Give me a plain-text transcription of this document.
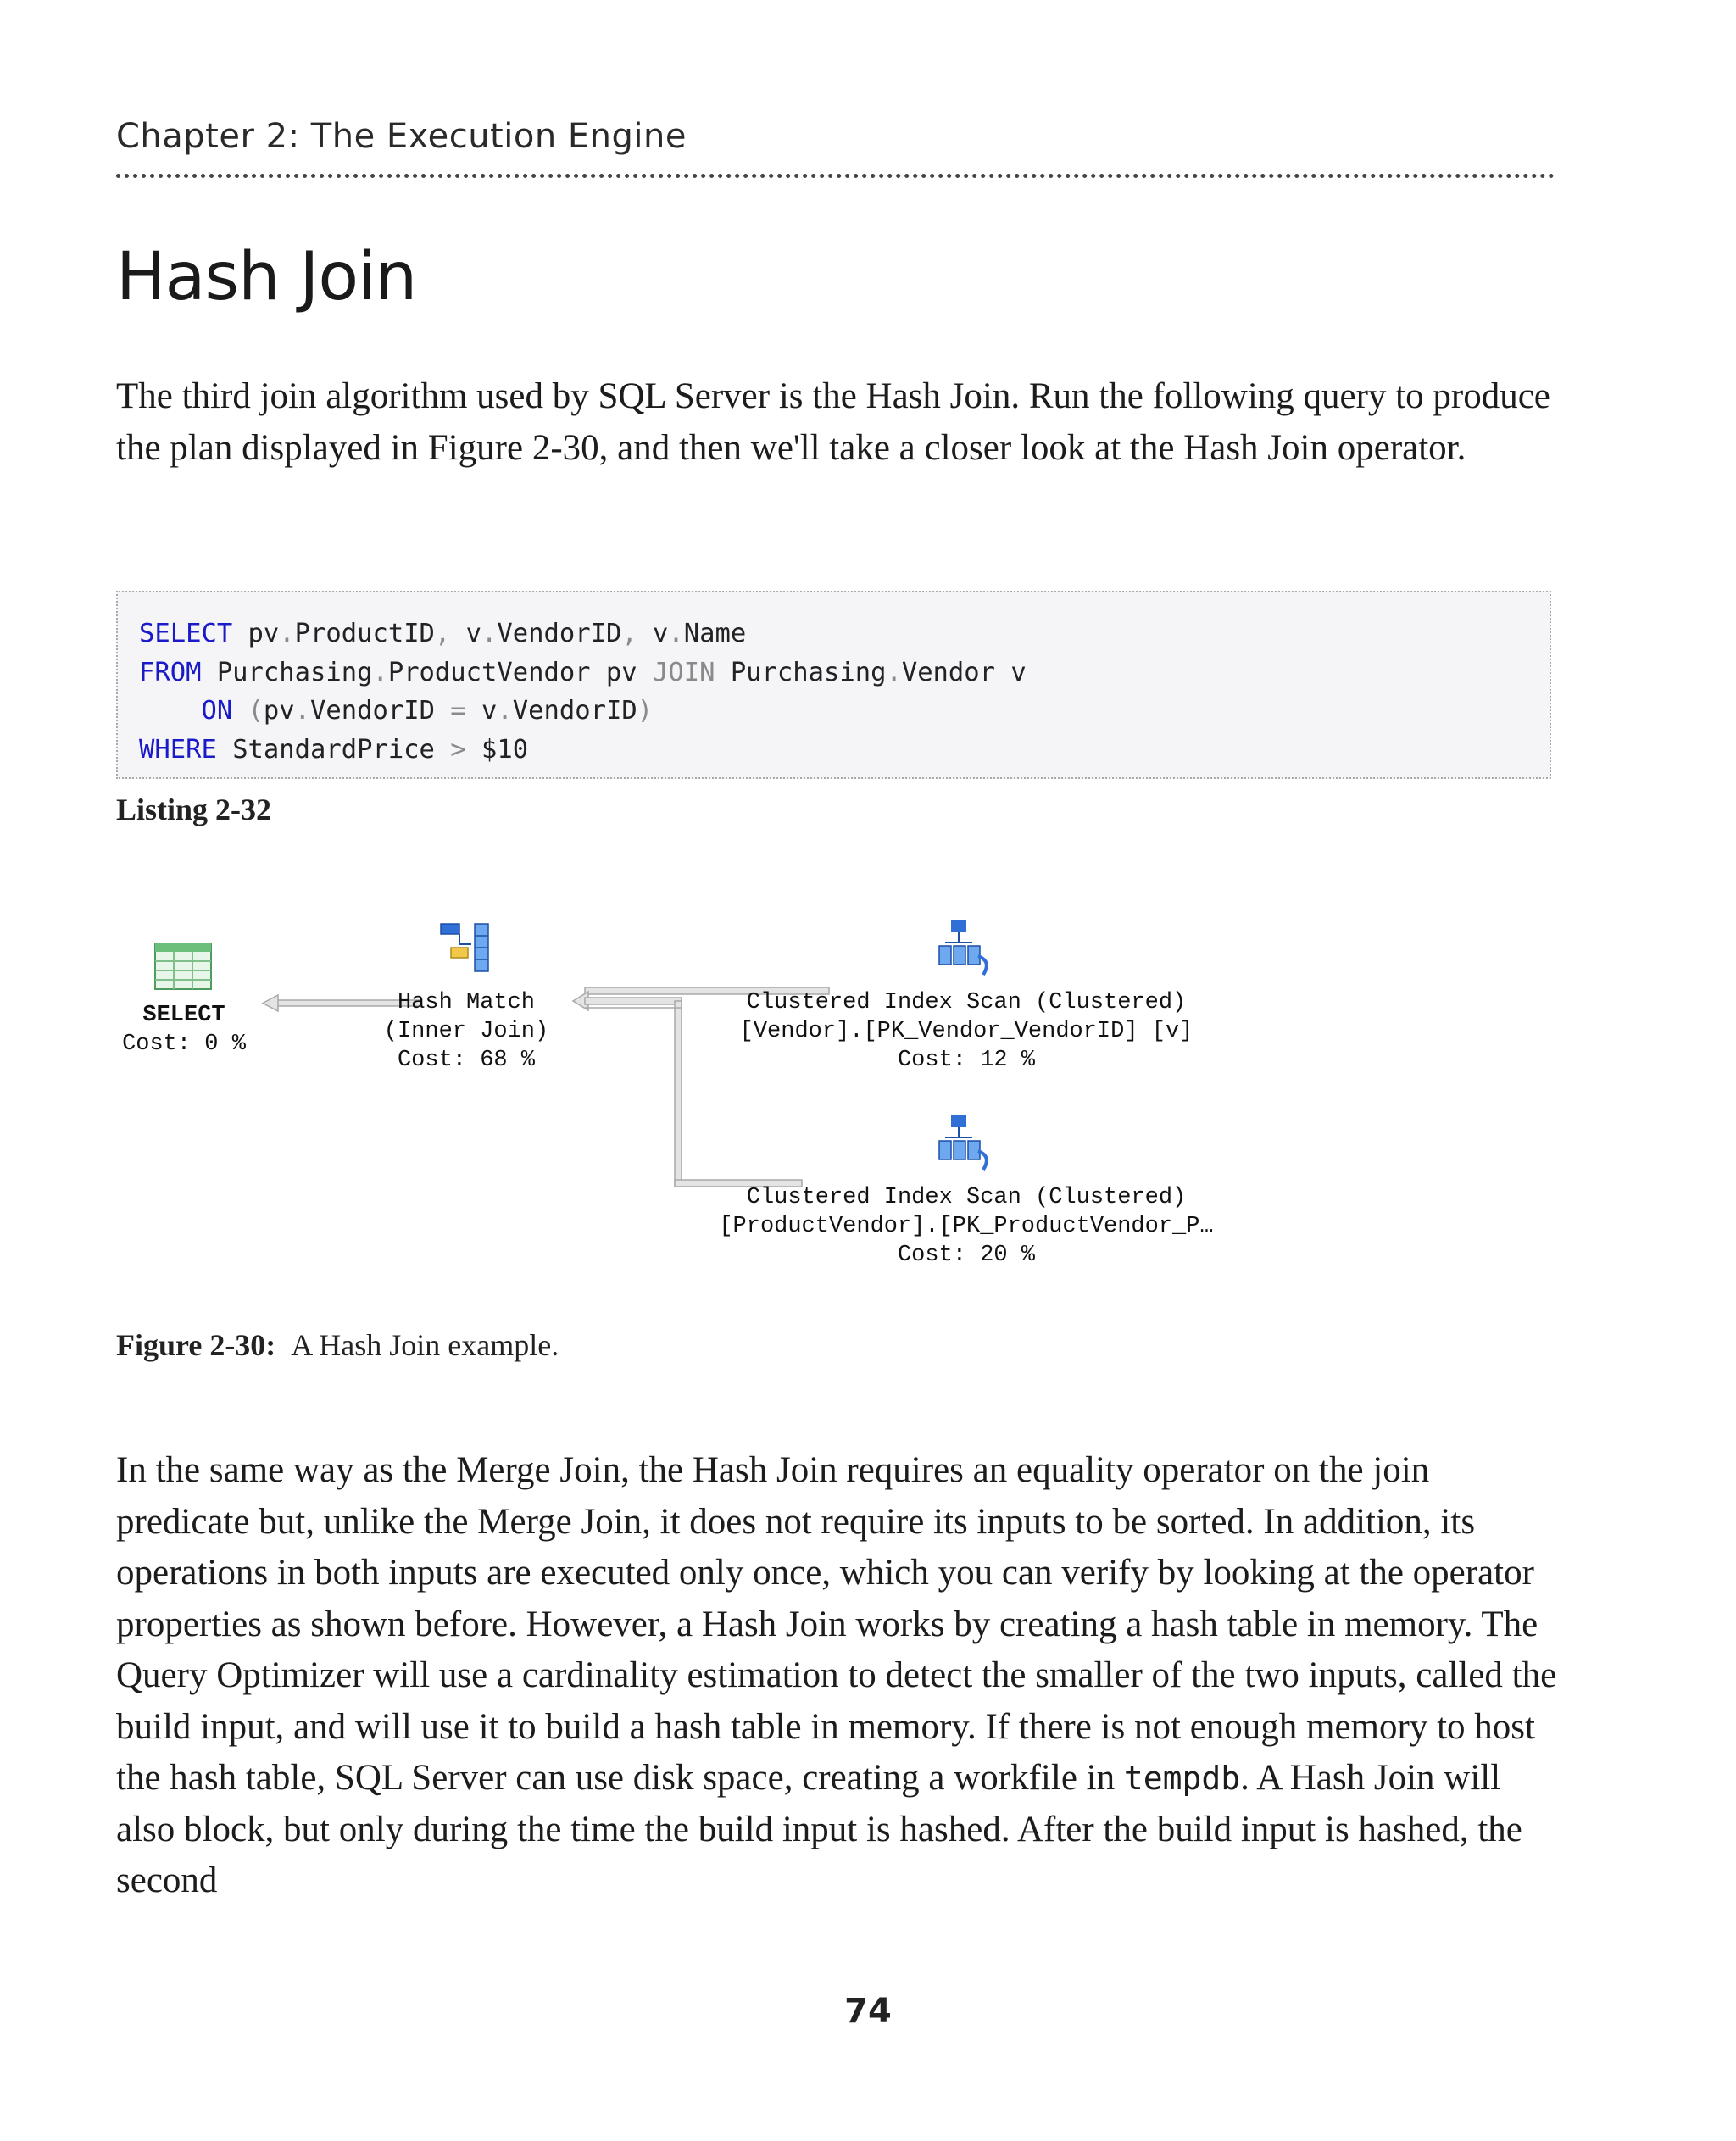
Chapter 2: The Execution Engine
Hash Join

The third join algorithm used by SQL Server is the Hash Join. Run the following query to produce the plan displayed in Figure 2-30, and then we'll take a closer look at the Hash Join operator.

SELECT pv.ProductID, v.VendorID, v.Name
FROM Purchasing.ProductVendor pv JOIN Purchasing.Vendor v
ON (pv.VendorID = v.VendorID)
WHERE StandardPrice > $10
Listing 2-32
SELECT
Cost: 0 %
Hash Match
(Inner Join)
Cost: 68 %
Clustered Index Scan (Clustered)
[Vendor].[PK_Vendor_VendorID] [v]
Cost: 12 %
Clustered Index Scan (Clustered)
[ProductVendor].[PK_ProductVendor_P…
Cost: 20 %
Figure 2-30: A Hash Join example.

In the same way as the Merge Join, the Hash Join requires an equality operator on the join predicate but, unlike the Merge Join, it does not require its inputs to be sorted. In addition, its operations in both inputs are executed only once, which you can verify by looking at the operator properties as shown before. However, a Hash Join works by creating a hash table in memory. The Query Optimizer will use a cardinality estimation to detect the smaller of the two inputs, called the build input, and will use it to build a hash table in memory. If there is not enough memory to host the hash table, SQL Server can use disk space, creating a workfile in tempdb. A Hash Join will also block, but only during the time the build input is hashed. After the build input is hashed, the second

74
